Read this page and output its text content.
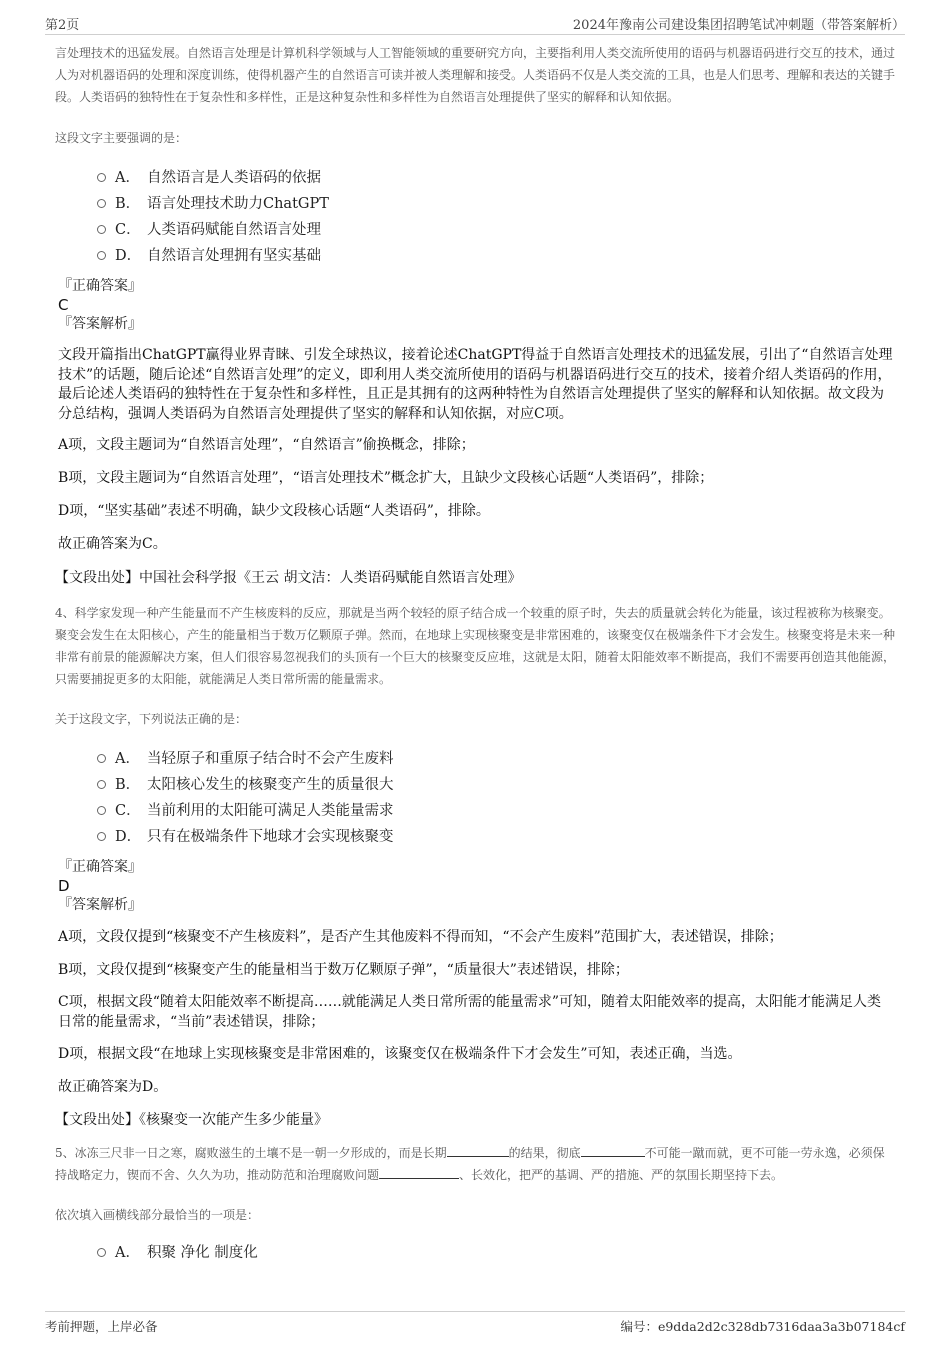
第2页	2024年豫南公司建设集团招聘笔试冲刺题（带答案解析）

言处理技术的迅猛发展。自然语言处理是计算机科学领域与人工智能领域的重要研究方向，主要指利用人类交流所使用的语码与机器语码进行交互的技术，通过人为对机器语码的处理和深度训练，使得机器产生的自然语言可读并被人类理解和接受。人类语码不仅是人类交流的工具，也是人们思考、理解和表达的关键手段。人类语码的独特性在于复杂性和多样性，正是这种复杂性和多样性为自然语言处理提供了坚实的解释和认知依据。

这段文字主要强调的是：

A． 自然语言是人类语码的依据
B． 语言处理技术助力ChatGPT
C． 人类语码赋能自然语言处理
D． 自然语言处理拥有坚实基础

『正确答案』

C

『答案解析』

文段开篇指出ChatGPT赢得业界青睐、引发全球热议，接着论述ChatGPT得益于自然语言处理技术的迅猛发展，引出了“自然语言处理技术”的话题，随后论述“自然语言处理”的定义，即利用人类交流所使用的语码与机器语码进行交互的技术，接着介绍人类语码的作用，最后论述人类语码的独特性在于复杂性和多样性，且正是其拥有的这两种特性为自然语言处理提供了坚实的解释和认知依据。故文段为分总结构，强调人类语码为自然语言处理提供了坚实的解释和认知依据，对应C项。

A项，文段主题词为“自然语言处理”，“自然语言”偷换概念，排除；

B项，文段主题词为“自然语言处理”，“语言处理技术”概念扩大，且缺少文段核心话题“人类语码”，排除；

D项，“坚实基础”表述不明确，缺少文段核心话题“人类语码”，排除。

故正确答案为C。

【文段出处】中国社会科学报《王云 胡文洁：人类语码赋能自然语言处理》

4、科学家发现一种产生能量而不产生核废料的反应，那就是当两个较轻的原子结合成一个较重的原子时，失去的质量就会转化为能量，该过程被称为核聚变。聚变会发生在太阳核心，产生的能量相当于数万亿颗原子弹。然而，在地球上实现核聚变是非常困难的，该聚变仅在极端条件下才会发生。核聚变将是未来一种非常有前景的能源解决方案，但人们很容易忽视我们的头顶有一个巨大的核聚变反应堆，这就是太阳，随着太阳能效率不断提高，我们不需要再创造其他能源，只需要捕捉更多的太阳能，就能满足人类日常所需的能量需求。

关于这段文字，下列说法正确的是：

A． 当轻原子和重原子结合时不会产生废料
B． 太阳核心发生的核聚变产生的质量很大
C． 当前利用的太阳能可满足人类能量需求
D． 只有在极端条件下地球才会实现核聚变

『正确答案』

D

『答案解析』

A项，文段仅提到“核聚变不产生核废料”，是否产生其他废料不得而知，“不会产生废料”范围扩大，表述错误，排除；

B项，文段仅提到“核聚变产生的能量相当于数万亿颗原子弹”，“质量很大”表述错误，排除；

C项，根据文段“随着太阳能效率不断提高……就能满足人类日常所需的能量需求”可知，随着太阳能效率的提高，太阳能才能满足人类日常的能量需求，“当前”表述错误，排除；

D项，根据文段“在地球上实现核聚变是非常困难的，该聚变仅在极端条件下才会发生”可知，表述正确，当选。

故正确答案为D。

【文段出处】《核聚变一次能产生多少能量》

5、冰冻三尺非一日之寒，腐败滋生的土壤不是一朝一夕形成的，而是长期	的结果，彻底	不可能一蹴而就，更不可能一劳永逸，必须保持战略定力，锲而不舍、久久为功，推动防范和治理腐败问题	、长效化，把严的基调、严的措施、严的氛围长期坚持下去。

依次填入画横线部分最恰当的一项是：

A． 积聚 净化 制度化
考前押题，上岸必备	编号：e9dda2d2c328db7316daa3a3b07184cf
